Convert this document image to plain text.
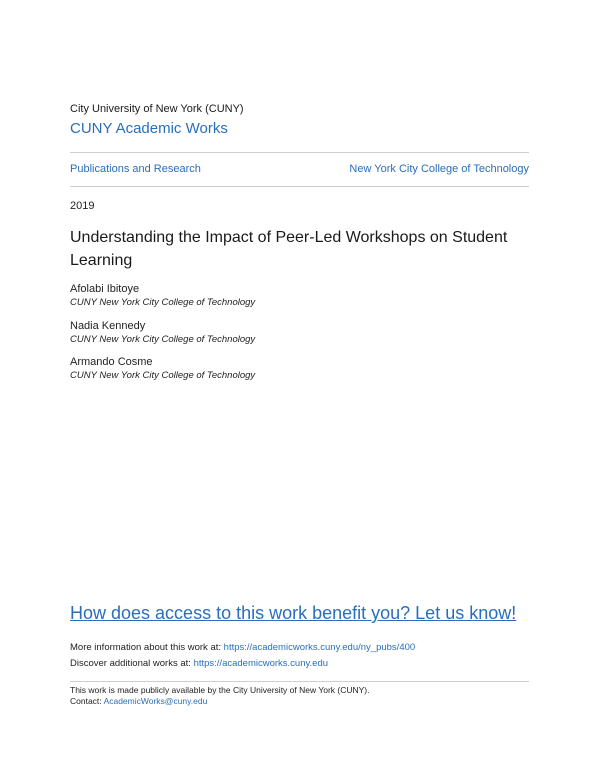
City University of New York (CUNY)
CUNY Academic Works
Publications and Research	New York City College of Technology
2019
Understanding the Impact of Peer-Led Workshops on Student Learning
Afolabi Ibitoye
CUNY New York City College of Technology
Nadia Kennedy
CUNY New York City College of Technology
Armando Cosme
CUNY New York City College of Technology
How does access to this work benefit you? Let us know!
More information about this work at: https://academicworks.cuny.edu/ny_pubs/400
Discover additional works at: https://academicworks.cuny.edu
This work is made publicly available by the City University of New York (CUNY).
Contact: AcademicWorks@cuny.edu
